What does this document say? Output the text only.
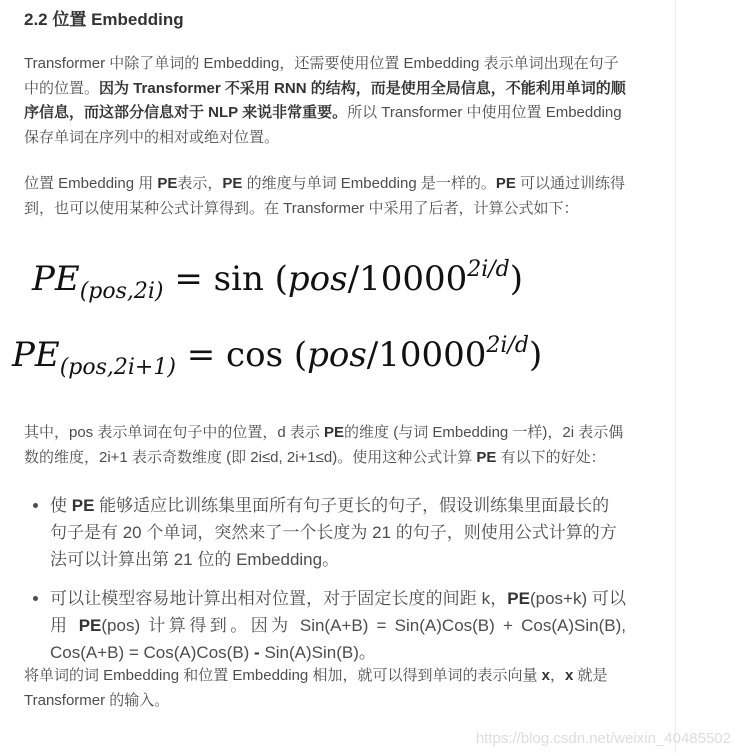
2.2 位置 Embedding

Transformer 中除了单词的 Embedding，还需要使用位置 Embedding 表示单词出现在句子中的位置。因为 Transformer 不采用 RNN 的结构，而是使用全局信息，不能利用单词的顺序信息，而这部分信息对于 NLP 来说非常重要。所以 Transformer 中使用位置 Embedding 保存单词在序列中的相对或绝对位置。

位置 Embedding 用 PE表示，PE 的维度与单词 Embedding 是一样的。PE 可以通过训练得到，也可以使用某种公式计算得到。在 Transformer 中采用了后者，计算公式如下：

$PE_{(pos,2i)} = \sin (pos/10000^{2i/d})$
$PE_{(pos,2i+1)} = \cos (pos/10000^{2i/d})$

其中，pos 表示单词在句子中的位置，d 表示 PE的维度 (与词 Embedding 一样)，2i 表示偶数的维度，2i+1 表示奇数维度 (即 2i≤d, 2i+1≤d)。使用这种公式计算 PE 有以下的好处：

• 使 PE 能够适应比训练集里面所有句子更长的句子，假设训练集里面最长的句子是有 20 个单词，突然来了一个长度为 21 的句子，则使用公式计算的方法可以计算出第 21 位的 Embedding。
• 可以让模型容易地计算出相对位置，对于固定长度的间距 k，PE(pos+k) 可以用 PE(pos) 计算得到。因为 Sin(A+B) = Sin(A)Cos(B) + Cos(A)Sin(B), Cos(A+B) = Cos(A)Cos(B) - Sin(A)Sin(B)。

将单词的词 Embedding 和位置 Embedding 相加，就可以得到单词的表示向量 x，x 就是 Transformer 的输入。

https://blog.csdn.net/weixin_40485502
